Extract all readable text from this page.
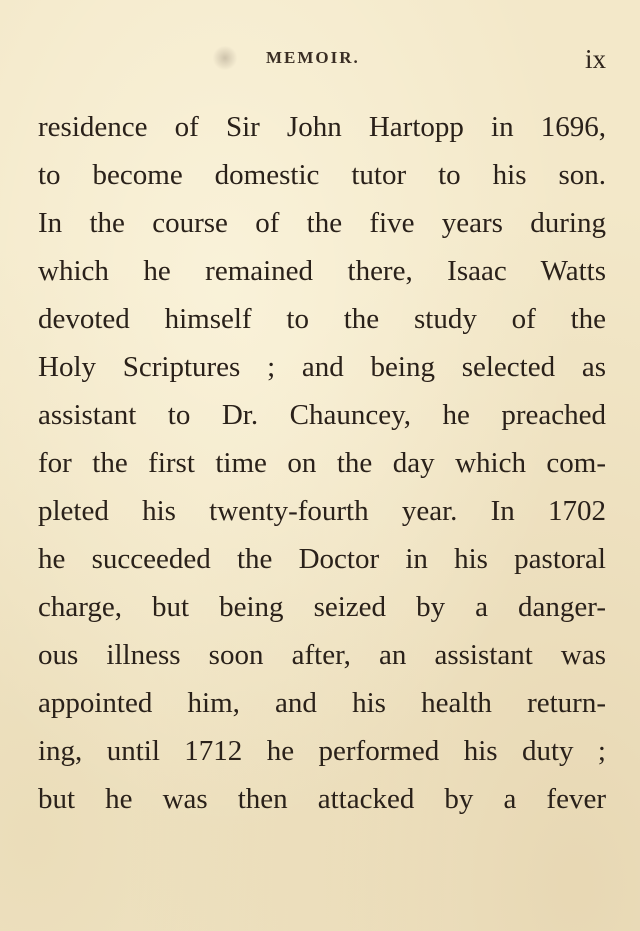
MEMOIR.	ix
residence of Sir John Hartopp in 1696,
to become domestic tutor to his son.
In the course of the five years during
which he remained there, Isaac Watts
devoted himself to the study of the
Holy Scriptures ; and being selected as
assistant to Dr. Chauncey, he preached
for the first time on the day which com-
pleted his twenty-fourth year. In 1702
he succeeded the Doctor in his pastoral
charge, but being seized by a danger-
ous illness soon after, an assistant was
appointed him, and his health return-
ing, until 1712 he performed his duty ;
but he was then attacked by a fever
